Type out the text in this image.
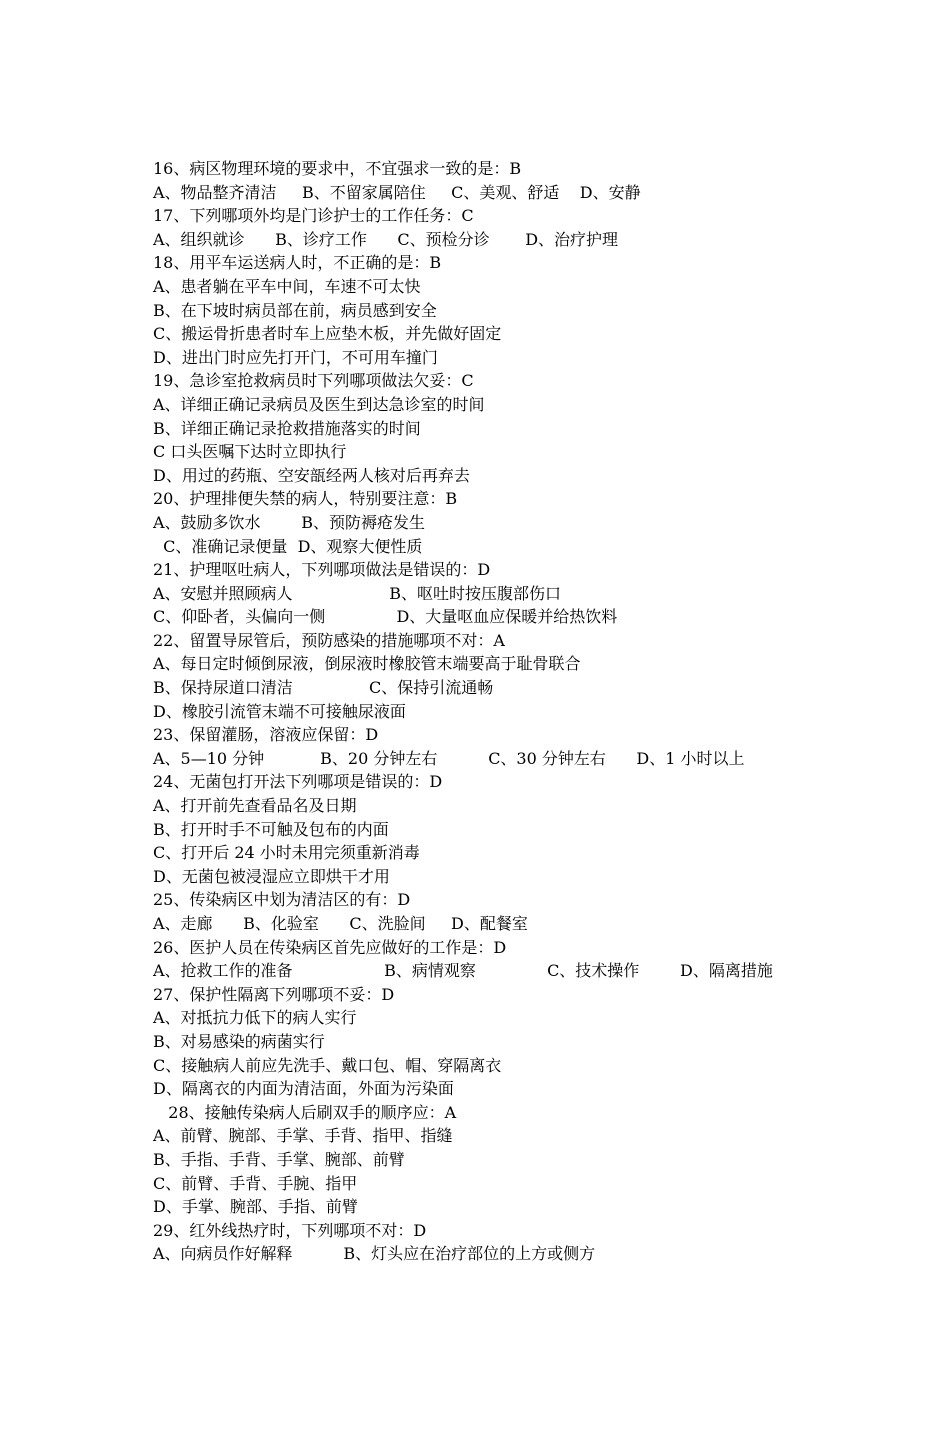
16、病区物理环境的要求中，不宜强求一致的是：B
A、物品整齐清洁     B、不留家属陪住     C、美观、舒适    D、安静
17、下列哪项外均是门诊护士的工作任务：C
A、组织就诊      B、诊疗工作      C、预检分诊       D、治疗护理
18、用平车运送病人时，不正确的是：B
A、患者躺在平车中间，车速不可太快
B、在下坡时病员部在前，病员感到安全
C、搬运骨折患者时车上应垫木板，并先做好固定
D、进出门时应先打开门，不可用车撞门
19、急诊室抢救病员时下列哪项做法欠妥：C
A、详细正确记录病员及医生到达急诊室的时间
B、详细正确记录抢救措施落实的时间
C 口头医嘱下达时立即执行
D、用过的药瓶、空安瓿经两人核对后再弃去
20、护理排便失禁的病人，特别要注意：B
A、鼓励多饮水        B、预防褥疮发生
C、准确记录便量  D、观察大便性质
21、护理呕吐病人，下列哪项做法是错误的：D
A、安慰并照顾病人                   B、呕吐时按压腹部伤口
C、仰卧者，头偏向一侧              D、大量呕血应保暖并给热饮料
22、留置导尿管后，预防感染的措施哪项不对：A
A、每日定时倾倒尿液，倒尿液时橡胶管末端要高于耻骨联合
B、保持尿道口清洁               C、保持引流通畅
D、橡胶引流管末端不可接触尿液面
23、保留灌肠，溶液应保留：D
A、5—10 分钟           B、20 分钟左右          C、30 分钟左右      D、1 小时以上
24、无菌包打开法下列哪项是错误的：D
A、打开前先查看品名及日期
B、打开时手不可触及包布的内面
C、打开后 24 小时未用完须重新消毒
D、无菌包被浸湿应立即烘干才用
25、传染病区中划为清洁区的有：D
A、走廊      B、化验室      C、洗脸间     D、配餐室
26、医护人员在传染病区首先应做好的工作是：D
A、抢救工作的准备                  B、病情观察              C、技术操作        D、隔离措施
27、保护性隔离下列哪项不妥：D
A、对抵抗力低下的病人实行
B、对易感染的病菌实行
C、接触病人前应先洗手、戴口包、帽、穿隔离衣
D、隔离衣的内面为清洁面，外面为污染面
28、接触传染病人后刷双手的顺序应：A
A、前臂、腕部、手掌、手背、指甲、指缝
B、手指、手背、手掌、腕部、前臂
C、前臂、手背、手腕、指甲
D、手掌、腕部、手指、前臂
29、红外线热疗时，下列哪项不对：D
A、向病员作好解释          B、灯头应在治疗部位的上方或侧方
